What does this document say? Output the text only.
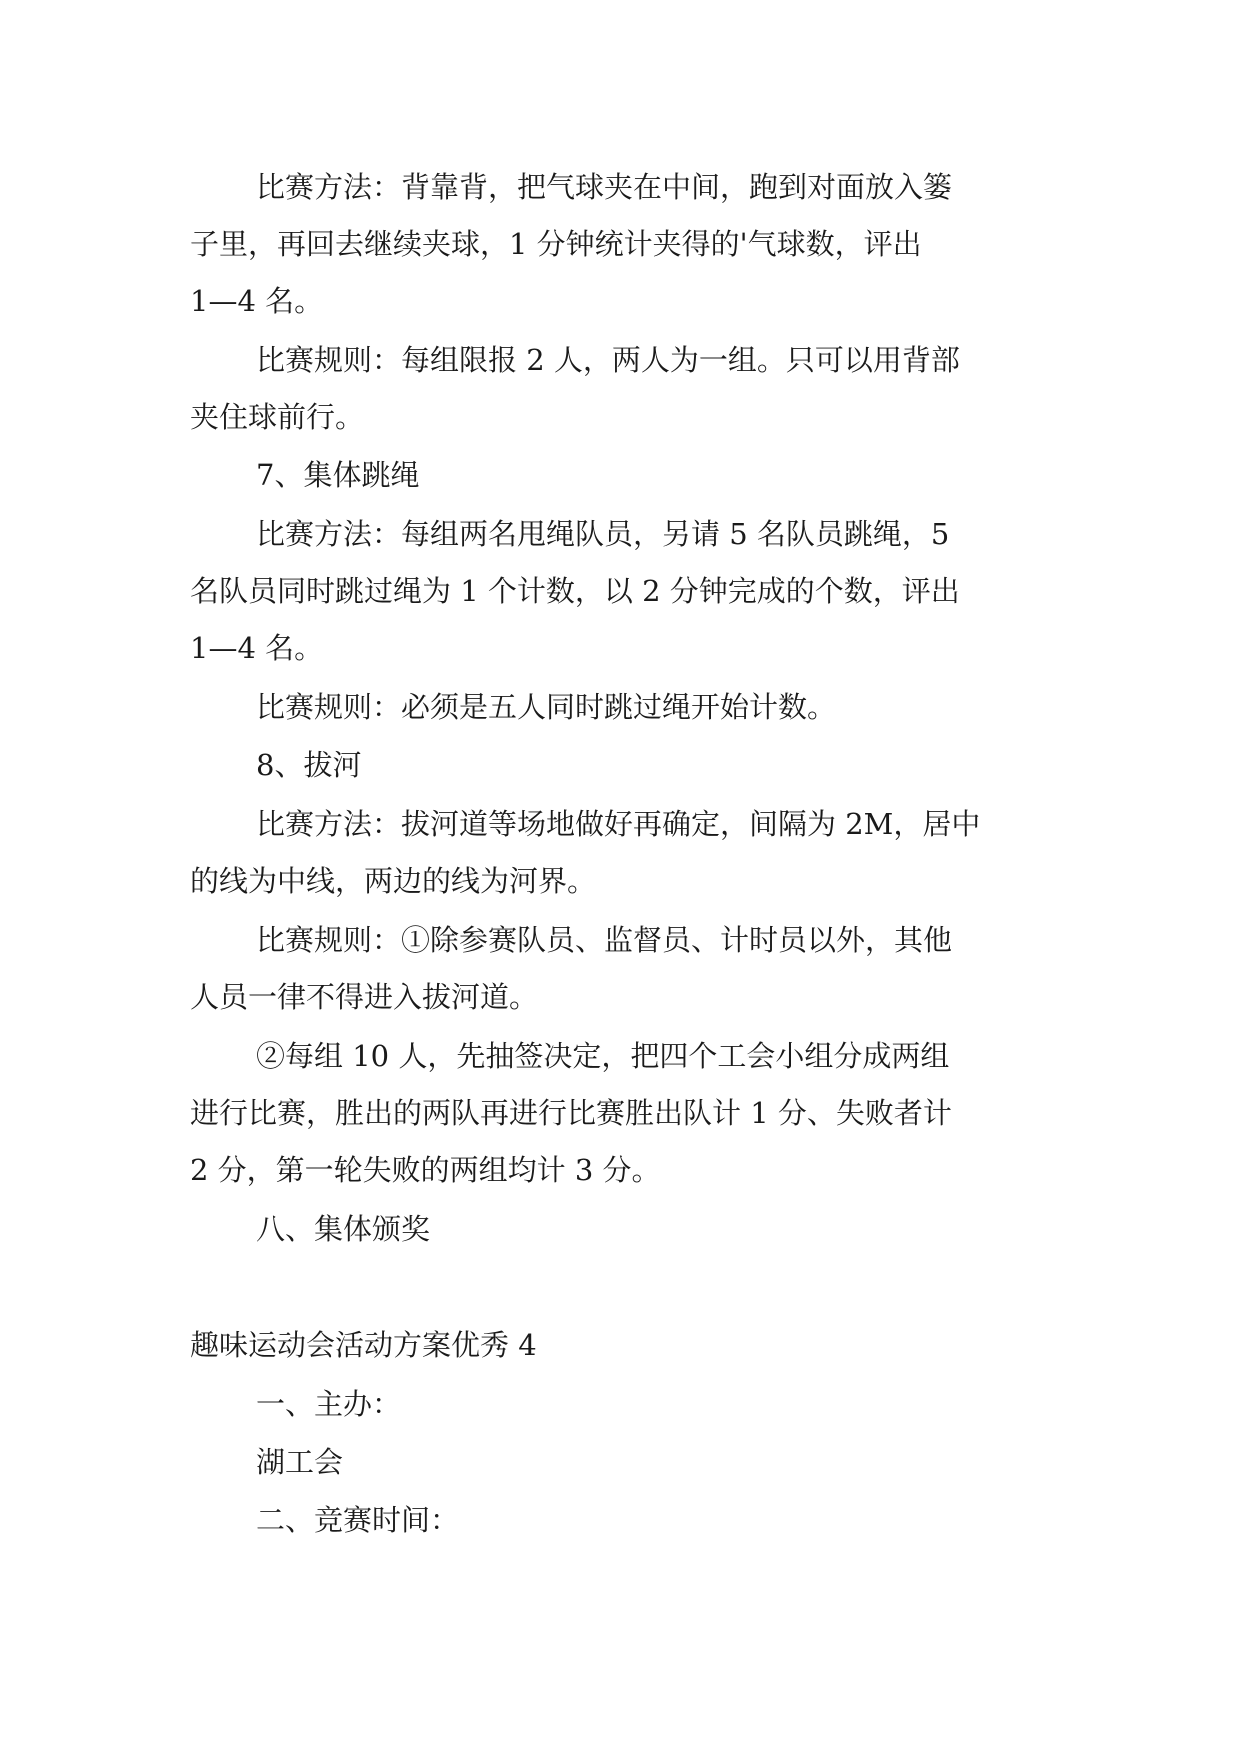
比赛方法：背靠背，把气球夹在中间，跑到对面放入篓
子里，再回去继续夹球，1 分钟统计夹得的'气球数，评出
1—4 名。
比赛规则：每组限报 2 人，两人为一组。只可以用背部
夹住球前行。
7、集体跳绳
比赛方法：每组两名甩绳队员，另请 5 名队员跳绳，5
名队员同时跳过绳为 1 个计数，以 2 分钟完成的个数，评出
1—4 名。
比赛规则：必须是五人同时跳过绳开始计数。
8、拔河
比赛方法：拔河道等场地做好再确定，间隔为 2M，居中
的线为中线，两边的线为河界。
比赛规则：①除参赛队员、监督员、计时员以外，其他
人员一律不得进入拔河道。
②每组 10 人，先抽签决定，把四个工会小组分成两组
进行比赛，胜出的两队再进行比赛胜出队计 1 分、失败者计
2 分，第一轮失败的两组均计 3 分。
八、集体颁奖
趣味运动会活动方案优秀 4
一、主办：
湖工会
二、竞赛时间：
